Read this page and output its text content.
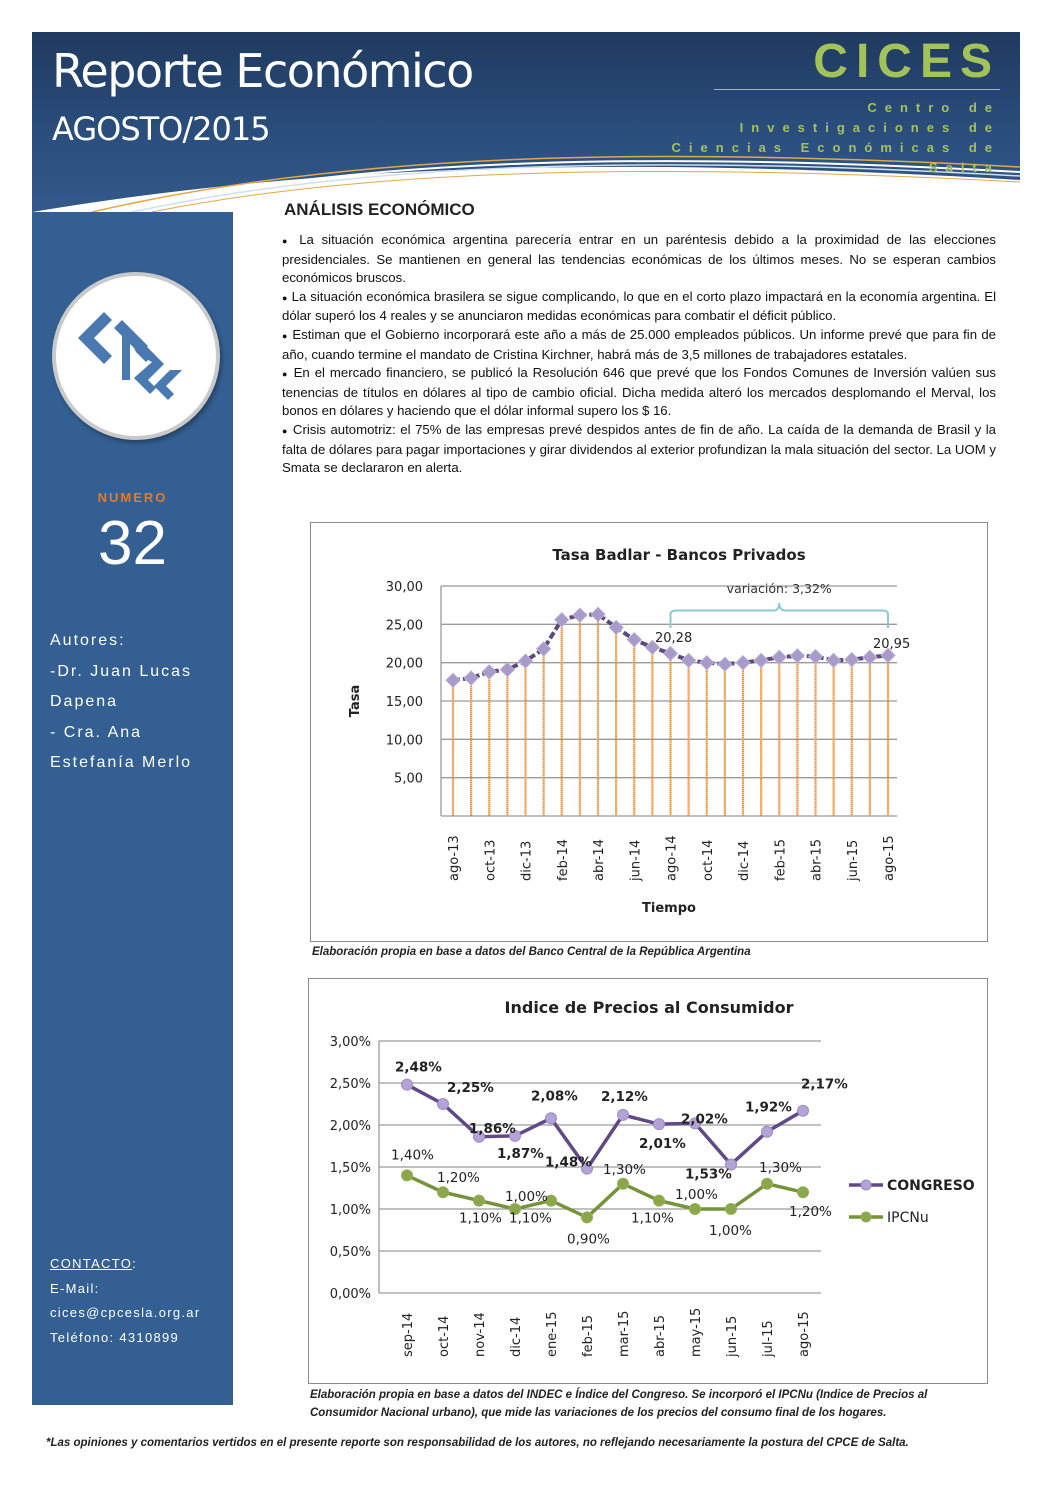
Reporte Económico
AGOSTO/2015
CICES
Centro de
Investigaciones de
Ciencias Económicas de
Salta
NUMERO
32
Autores:
-Dr. Juan Lucas
Dapena
- Cra. Ana
Estefanía Merlo
CONTACTO:
E-Mail:
cices@cpcesla.org.ar
Teléfono: 4310899
ANÁLISIS ECONÓMICO

● La situación económica argentina parecería entrar en un paréntesis debido a la proximidad de las elecciones presidenciales. Se mantienen en general las tendencias económicas de los últimos meses. No se esperan cambios económicos bruscos.

● La situación económica brasilera se sigue complicando, lo que en el corto plazo impactará en la economía argentina. El dólar superó los 4 reales y se anunciaron medidas económicas para combatir el déficit público.

● Estiman que el Gobierno incorporará este año a más de 25.000 empleados públicos. Un informe prevé que para fin de año, cuando termine el mandato de Cristina Kirchner, habrá más de 3,5 millones de trabajadores estatales.

● En el mercado financiero, se publicó la Resolución 646 que prevé que los Fondos Comunes de Inversión valúen sus tenencias de títulos en dólares al tipo de cambio oficial. Dicha medida alteró los mercados desplomando el Merval, los bonos en dólares y haciendo que el dólar informal supero los $ 16.

● Crisis automotriz: el 75% de las empresas prevé despidos antes de fin de año. La caída de la demanda de Brasil y la falta de dólares para pagar importaciones y girar dividendos al exterior profundizan la mala situación del sector. La UOM y Smata se declararon en alerta.

Tasa Badlar - Bancos Privados
5,00
10,00
15,00
20,00
25,00
30,00
ago-13 oct-13 dic-13 feb-14 abr-14 jun-14 ago-14 oct-14 dic-14 feb-15 abr-15 jun-15 ago-15
Tiempo
Tasa
20,28	20,95
variación: 3,32%
Elaboración propia en base a datos del Banco Central de la República Argentina
Indice de Precios al Consumidor
0,00%
0,50%
1,00%
1,50%
2,00%
2,50%
3,00%
sep-14 oct-14 nov-14 dic-14 ene-15 feb-15 mar-15 abr-15 may-15 jun-15 jul-15 ago-15
2,48%
2,25%
1,86%
1,87%
2,08%
1,48%
2,12%
2,01%
2,02%
1,53%
1,92%
2,17%
1,40%
1,20%
1,10%
1,00%
1,10%
0,90%
1,30%
1,10%
1,00%
1,00%
1,30%
1,20%
CONGRESO
IPCNu
Elaboración propia en base a datos del INDEC e Índice del Congreso. Se incorporó el IPCNu (Indice de Precios al
Consumidor Nacional urbano), que mide las variaciones de los precios del consumo final de los hogares.
*Las opiniones y comentarios vertidos en el presente reporte son responsabilidad de los autores, no reflejando necesariamente la postura del CPCE de Salta.
